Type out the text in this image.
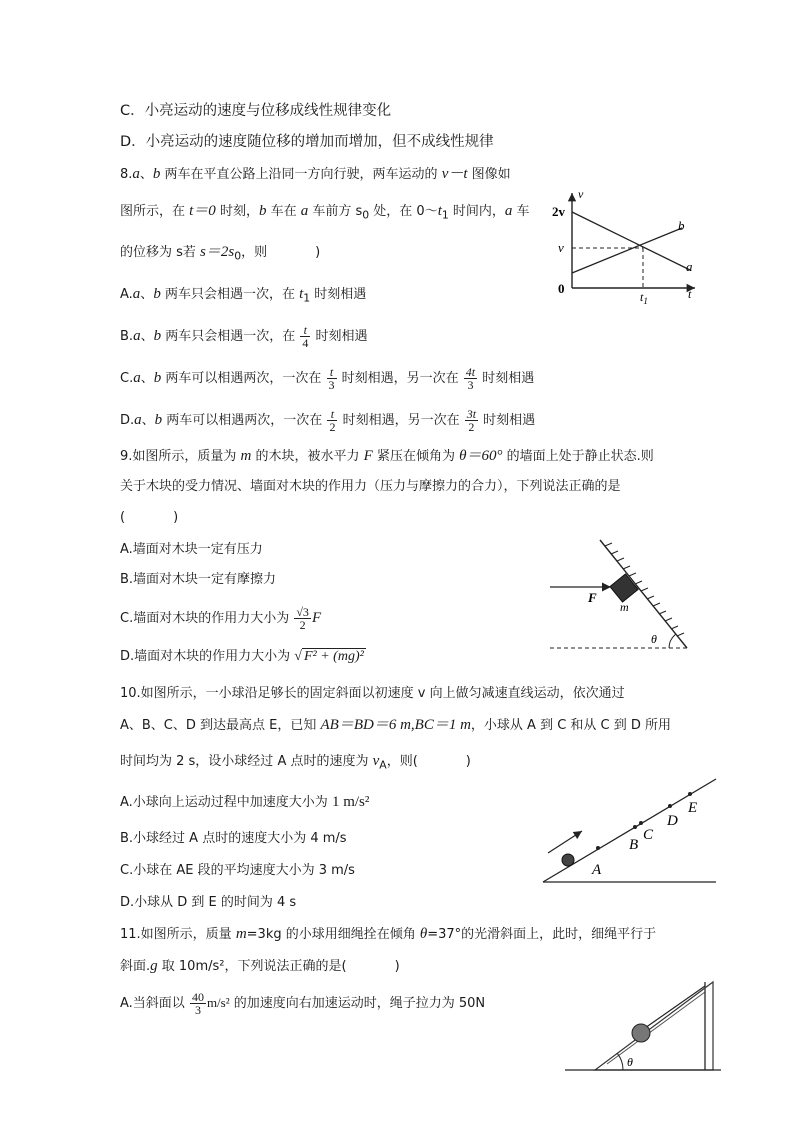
C．小亮运动的速度与位移成线性规律变化
D．小亮运动的速度随位移的增加而增加，但不成线性规律
8.a、b 两车在平直公路上沿同一方向行驶，两车运动的 v－t 图像如
图所示，在 t＝0 时刻，b 车在 a 车前方 $s_0$ 处，在 $0\sim t_1$ 时间内，a 车
的位移为 s若 $s=2s_0$，则	)
A.a、b 两车只会相遇一次，在 $t_1$ 时刻相遇
B.a、b 两车只会相遇一次，在 $\frac{t}{4}$ 时刻相遇
C.a、b 两车可以相遇两次，一次在 $\frac{t}{3}$ 时刻相遇，另一次在 $\frac{4t}{3}$ 时刻相遇
D.a、b 两车可以相遇两次，一次在 $\frac{t}{2}$ 时刻相遇，另一次在 $\frac{3t}{2}$ 时刻相遇
v
t
2v
v
0
$t_1$
a
b
9.如图所示，质量为 m 的木块，被水平力 F 紧压在倾角为 θ＝60° 的墙面上处于静止状态.则
关于木块的受力情况、墙面对木块的作用力（压力与摩擦力的合力），下列说法正确的是
(	)
A.墙面对木块一定有压力
B.墙面对木块一定有摩擦力
C.墙面对木块的作用力大小为 $\frac{√3}{2}$ F
D.墙面对木块的作用力大小为 √ F² + (mg)²
F
m
θ
10.如图所示，一小球沿足够长的固定斜面以初速度 v 向上做匀减速直线运动，依次通过
A、B、C、D 到达最高点 E，已知 AB＝BD＝6 m,BC＝1 m，小球从 A 到 C 和从 C 到 D 所用
时间均为 2 s，设小球经过 A 点时的速度为 $v_A$，则(	)
A.小球向上运动过程中加速度大小为 1 m/s²
B.小球经过 A 点时的速度大小为 4 m/s
C.小球在 AE 段的平均速度大小为 3 m/s
D.小球从 D 到 E 的时间为 4 s
A
B
C
D
E
11.如图所示，质量 m=3kg 的小球用细绳拴在倾角 θ=37°的光滑斜面上，此时，细绳平行于
斜面.g 取 10m/s²，下列说法正确的是(	)
A.当斜面以 $\frac{40}{3} m/s^2$ 的加速度向右加速运动时，绳子拉力为 50N
θ
